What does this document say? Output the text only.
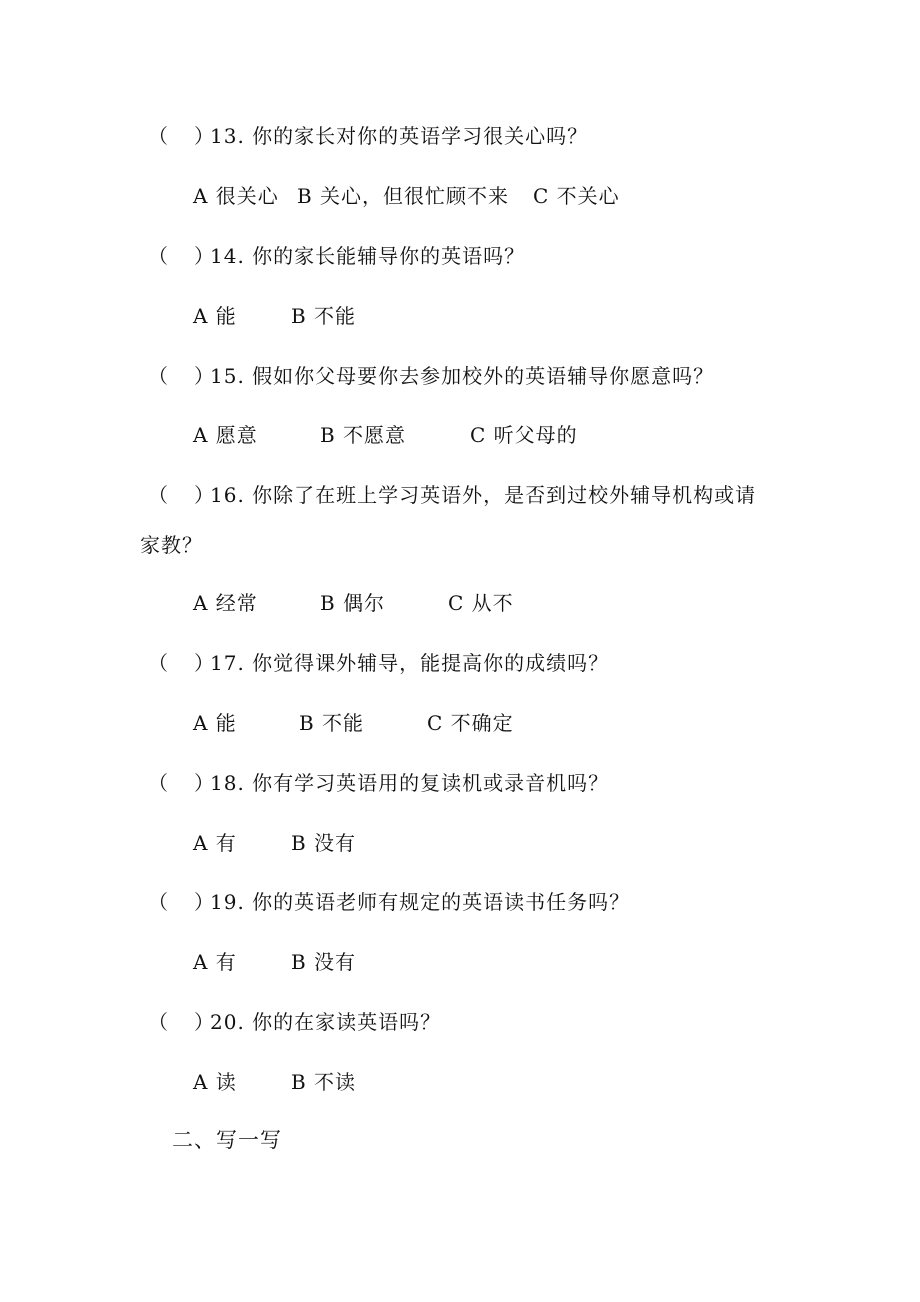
（ ）
13. 你的家长对你的英语学习很关心吗？
A 很关心 B 关心，但很忙顾不来 C 不关心
（ ）
14. 你的家长能辅导你的英语吗？
A 能	B 不能
（ ）
15. 假如你父母要你去参加校外的英语辅导你愿意吗？
A 愿意	B 不愿意	C 听父母的
（ ）
16. 你除了在班上学习英语外，是否到过校外辅导机构或请
家教？
A 经常	B 偶尔	C 从不
（ ）
17. 你觉得课外辅导，能提高你的成绩吗？
A 能	B 不能	C 不确定
（ ）
18. 你有学习英语用的复读机或录音机吗？
A 有	B 没有
（ ）
19. 你的英语老师有规定的英语读书任务吗？
A 有	B 没有
（ ）
20. 你的在家读英语吗？
A 读	B 不读
二、写一写
